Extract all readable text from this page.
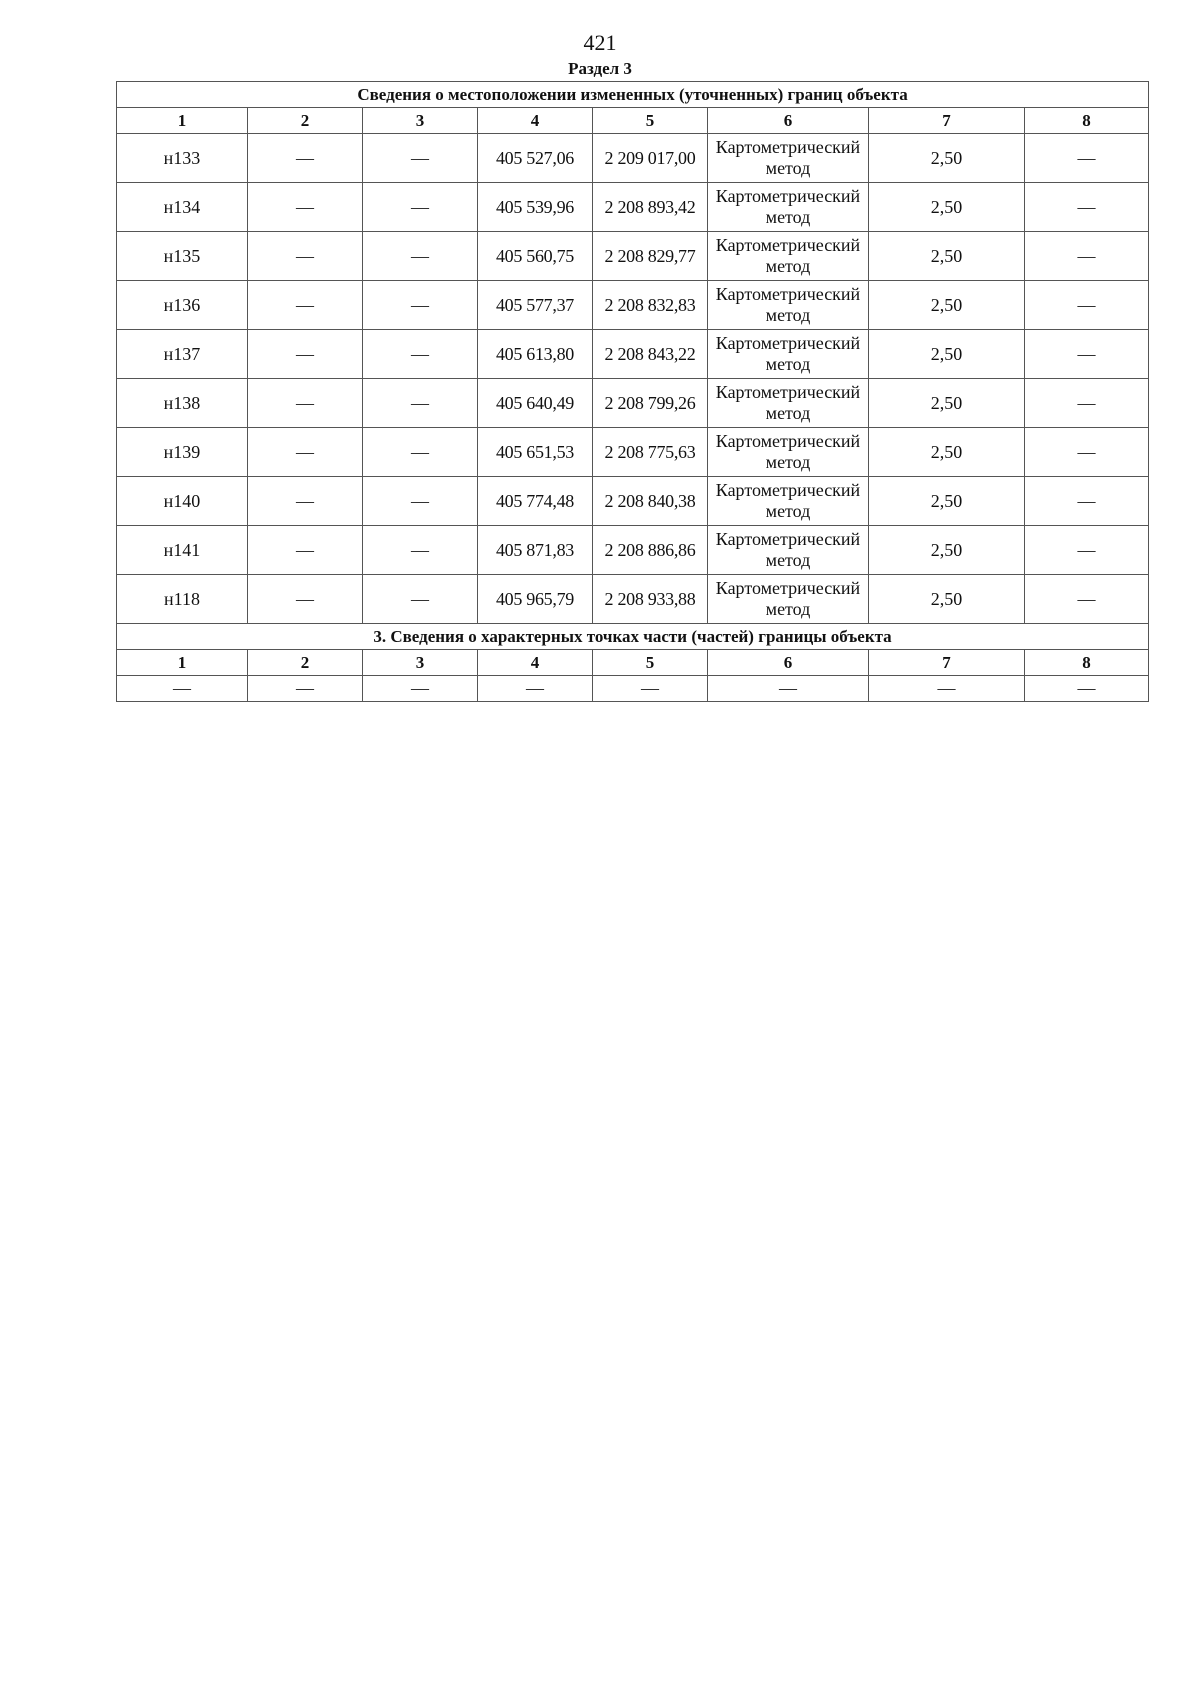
421
Раздел 3
Сведения о местоположении измененных (уточненных) границ объекта							
1	2	3	4	5	6	7	8
н133	—	—	405 527,06	2 209 017,00	Картометрический метод	2,50	—
н134	—	—	405 539,96	2 208 893,42	Картометрический метод	2,50	—
н135	—	—	405 560,75	2 208 829,77	Картометрический метод	2,50	—
н136	—	—	405 577,37	2 208 832,83	Картометрический метод	2,50	—
н137	—	—	405 613,80	2 208 843,22	Картометрический метод	2,50	—
н138	—	—	405 640,49	2 208 799,26	Картометрический метод	2,50	—
н139	—	—	405 651,53	2 208 775,63	Картометрический метод	2,50	—
н140	—	—	405 774,48	2 208 840,38	Картометрический метод	2,50	—
н141	—	—	405 871,83	2 208 886,86	Картометрический метод	2,50	—
н118	—	—	405 965,79	2 208 933,88	Картометрический метод	2,50	—
3. Сведения о характерных точках части (частей) границы объекта							
1	2	3	4	5	6	7	8
—	—	—	—	—	—	—	—
